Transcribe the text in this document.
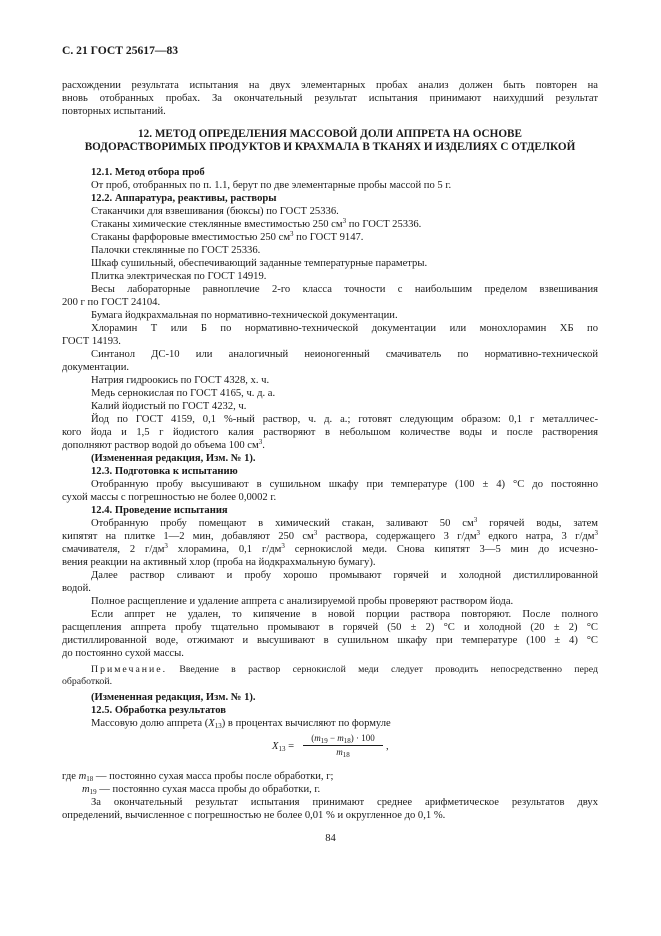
С. 21 ГОСТ 25617—83
расхождении результата испытания на двух элементарных пробах анализ должен быть повторен на
вновь отобранных пробах. За окончательный результат испытания принимают наихудший результат
повторных испытаний.
12. МЕТОД ОПРЕДЕЛЕНИЯ МАССОВОЙ ДОЛИ АППРЕТА НА ОСНОВЕ
ВОДОРАСТВОРИМЫХ ПРОДУКТОВ И КРАХМАЛА В ТКАНЯХ И ИЗДЕЛИЯХ С ОТДЕЛКОЙ
12.1. Метод отбора проб
От проб, отобранных по п. 1.1, берут по две элементарные пробы массой по 5 г.
12.2. Аппаратура, реактивы, растворы
Стаканчики для взвешивания (бюксы) по ГОСТ 25336.
Стаканы химические стеклянные вместимостью 250 $см^3$ по ГОСТ 25336.
Стаканы фарфоровые вместимостью 250 $см^3$ по ГОСТ 9147.
Палочки стеклянные по ГОСТ 25336.
Шкаф сушильный, обеспечивающий заданные температурные параметры.
Плитка электрическая по ГОСТ 14919.
Весы лабораторные равноплечие 2-го класса точности с наибольшим пределом взвешивания
200 г по ГОСТ 24104.
Бумага йодкрахмальная по нормативно-технической документации.
Хлорамин Т или Б по нормативно-технической документации или монохлорамин ХБ по
ГОСТ 14193.
Синтанол ДС-10 или аналогичный неионогенный смачиватель по нормативно-технической
документации.
Натрия гидроокись по ГОСТ 4328, х. ч.
Медь сернокислая по ГОСТ 4165, ч. д. а.
Калий йодистый по ГОСТ 4232, ч.
Йод по ГОСТ 4159, 0,1 %-ный раствор, ч. д. а.; готовят следующим образом: 0,1 г металличес-
кого йода и 1,5 г йодистого калия растворяют в небольшом количестве воды и после растворения
дополняют раствор водой до объема 100 $см^3$.
(Измененная редакция, Изм. № 1).
12.3. Подготовка к испытанию
Отобранную пробу высушивают в сушильном шкафу при температуре (100 ± 4) °С до постоянно
сухой массы с погрешностью не более 0,0002 г.
12.4. Проведение испытания
Отобранную пробу помещают в химический стакан, заливают 50 $см^3$ горячей воды, затем
кипятят на плитке 1—2 мин, добавляют 250 $см^3$ раствора, содержащего 3 $г/дм^3$ едкого натра, 3 $г/дм^3$
смачивателя, 2 $г/дм^3$ хлорамина, 0,1 $г/дм^3$ сернокислой меди. Снова кипятят 3—5 мин до исчезно-
вения реакции на активный хлор (проба на йодкрахмальную бумагу).
Далее раствор сливают и пробу хорошо промывают горячей и холодной дистиллированной
водой.
Полное расщепление и удаление аппрета с анализируемой пробы проверяют раствором йода.
Если аппрет не удален, то кипячение в новой порции раствора повторяют. После полного
расщепления аппрета пробу тщательно промывают в горячей (50 ± 2) °С и холодной (20 ± 2) °С
дистиллированной воде, отжимают и высушивают в сушильном шкафу при температуре (100 ± 4) °С
до постоянно сухой массы.
Примечание. Введение в раствор сернокислой меди следует проводить непосредственно перед
обработкой.
(Измененная редакция, Изм. № 1).
12.5. Обработка результатов
Массовую долю аппрета $(X_{13})$ в процентах вычисляют по формуле
$X_{13}$ =
$(m_{19} - m_{18}) \cdot 100$
$m_{18}$
,
где $m_{18}$ — постоянно сухая масса пробы после обработки, г;
$m_{19}$ — постоянно сухая масса пробы до обработки, г.
За окончательный результат испытания принимают среднее арифметическое результатов двух
определений, вычисленное с погрешностью не более 0,01 % и округленное до 0,1 %.
84
